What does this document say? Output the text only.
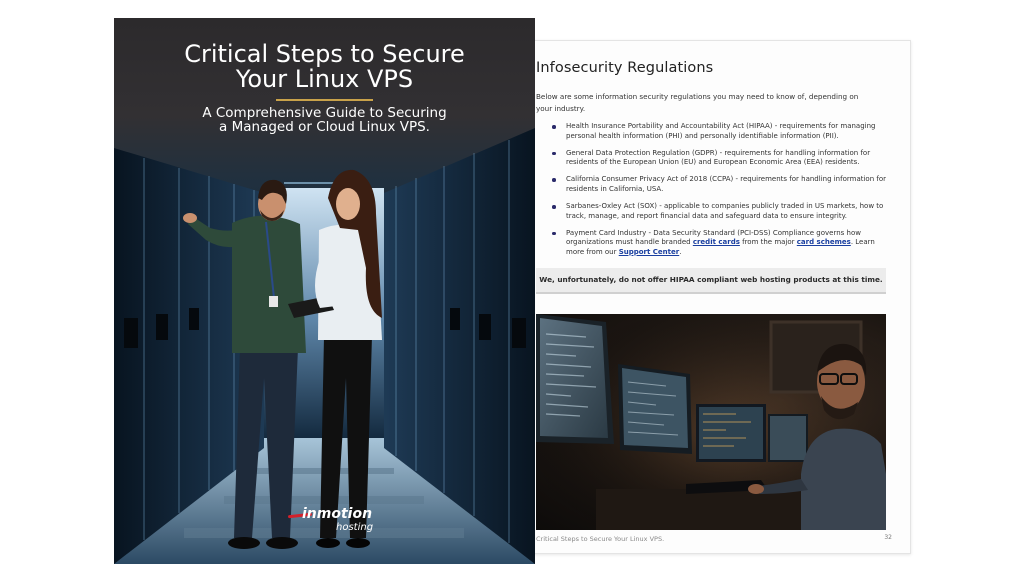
Infosecurity Regulations
Below are some information security regulations you may need to know of, depending on your industry.
Health Insurance Portability and Accountability Act (HIPAA) - requirements for managing personal health information (PHI) and personally identifiable information (PII).
General Data Protection Regulation (GDPR) - requirements for handling information for residents of the European Union (EU) and European Economic Area (EEA) residents.
California Consumer Privacy Act of 2018 (CCPA) - requirements for handling information for residents in California, USA.
Sarbanes-Oxley Act (SOX) - applicable to companies publicly traded in US markets, how to track, manage, and report financial data and safeguard data to ensure integrity.
Payment Card Industry - Data Security Standard (PCI-DSS) Compliance governs how organizations must handle branded credit cards from the major card schemes. Learn more from our Support Center.
We, unfortunately, do not offer HIPAA compliant web hosting products at this time.
Critical Steps to Secure Your Linux VPS.	32
Critical Steps to Secure
Your Linux VPS
A Comprehensive Guide to Securing
a Managed or Cloud Linux VPS.
inmotion
hosting
